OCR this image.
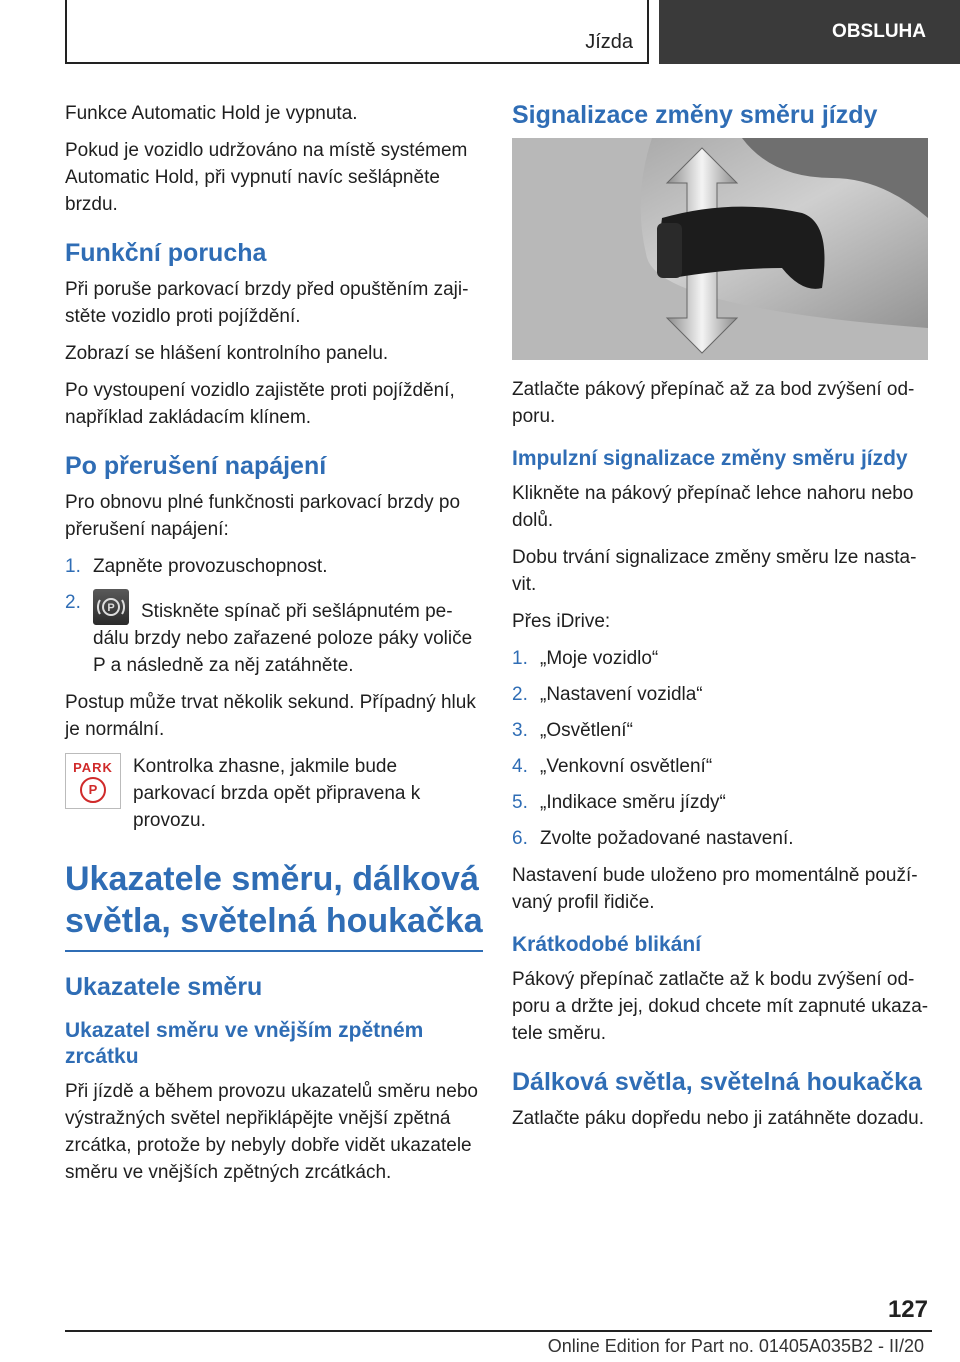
Jízda	OBSLUHA

Funkce Automatic Hold je vypnuta.

Pokud je vozidlo udržováno na místě systémem Automatic Hold, při vypnutí navíc sešlápněte brzdu.

Funkční porucha

Při poruše parkovací brzdy před opuštěním zaji-stěte vozidlo proti pojíždění.

Zobrazí se hlášení kontrolního panelu.

Po vystoupení vozidlo zajistěte proti pojíždění, například zakládacím klínem.

Po přerušení napájení

Pro obnovu plné funkčnosti parkovací brzdy po přerušení napájení:

1. Zapněte provozuschopnost.
2.	P Stiskněte spínač při sešlápnutém pe-dálu brzdy nebo zařazené poloze páky voliče P a následně za něj zatáhněte.

Postup může trvat několik sekund. Případný hluk je normální.

PARK
P

Kontrolka zhasne, jakmile bude parkovací brzda opět připravena k provozu.

Ukazatele směru, dálková světla, světelná houkačka
Ukazatele směru
Ukazatel směru ve vnějším zpětném zrcátku

Při jízdě a během provozu ukazatelů směru nebo výstražných světel nepřiklápějte vnější zpětná zrcátka, protože by nebyly dobře vidět ukazatele směru ve vnějších zpětných zrcátkách.

Signalizace změny směru jízdy

Zatlačte pákový přepínač až za bod zvýšení od-poru.

Impulzní signalizace změny směru jízdy

Klikněte na pákový přepínač lehce nahoru nebo dolů.

Dobu trvání signalizace změny směru lze nasta-vit.

Přes iDrive:

1. „Moje vozidlo“
2. „Nastavení vozidla“
3. „Osvětlení“
4. „Venkovní osvětlení“
5. „Indikace směru jízdy“
6. Zvolte požadované nastavení.

Nastavení bude uloženo pro momentálně použí-vaný profil řidiče.

Krátkodobé blikání

Pákový přepínač zatlačte až k bodu zvýšení od-poru a držte jej, dokud chcete mít zapnuté ukaza-tele směru.

Dálková světla, světelná houkačka

Zatlačte páku dopředu nebo ji zatáhněte dozadu.

127
Online Edition for Part no. 01405A035B2 - II/20
